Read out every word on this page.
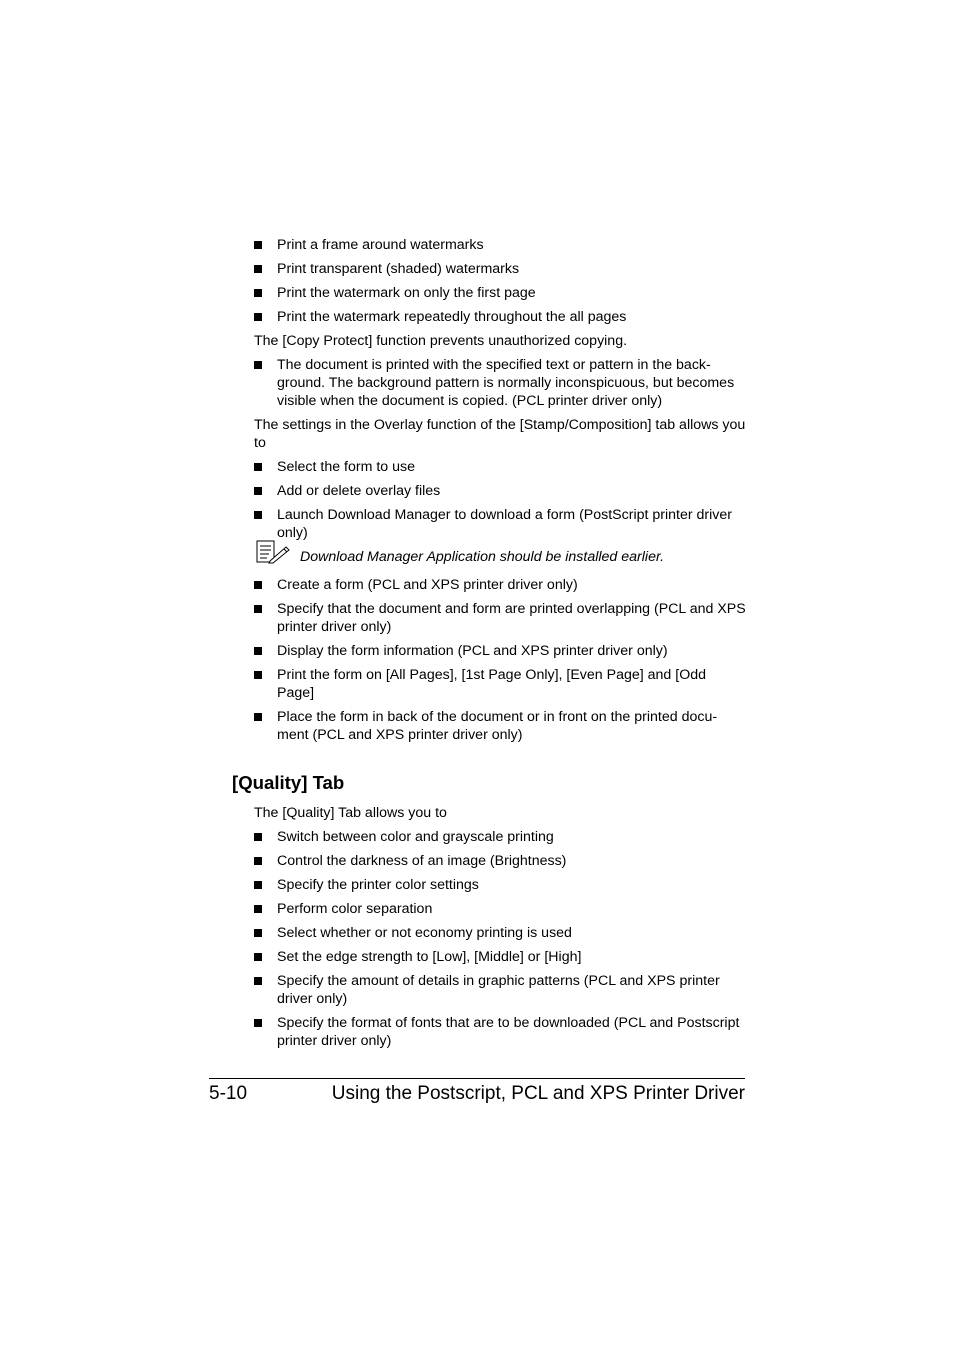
Print a frame around watermarks
Print transparent (shaded) watermarks
Print the watermark on only the first page
Print the watermark repeatedly throughout the all pages

The [Copy Protect] function prevents unauthorized copying.

The document is printed with the specified text or pattern in the back-ground. The background pattern is normally inconspicuous, but becomes visible when the document is copied. (PCL printer driver only)

The settings in the Overlay function of the [Stamp/Composition] tab allows you to

Select the form to use
Add or delete overlay files
Launch Download Manager to download a form (PostScript printer driver only)
Download Manager Application should be installed earlier.
Create a form (PCL and XPS printer driver only)
Specify that the document and form are printed overlapping (PCL and XPS printer driver only)
Display the form information (PCL and XPS printer driver only)
Print the form on [All Pages], [1st Page Only], [Even Page] and [Odd Page]
Place the form in back of the document or in front on the printed docu-ment (PCL and XPS printer driver only)
[Quality] Tab

The [Quality] Tab allows you to

Switch between color and grayscale printing
Control the darkness of an image (Brightness)
Specify the printer color settings
Perform color separation
Select whether or not economy printing is used
Set the edge strength to [Low], [Middle] or [High]
Specify the amount of details in graphic patterns (PCL and XPS printer driver only)
Specify the format of fonts that are to be downloaded (PCL and Postscript printer driver only)
5-10	Using the Postscript, PCL and XPS Printer Driver
